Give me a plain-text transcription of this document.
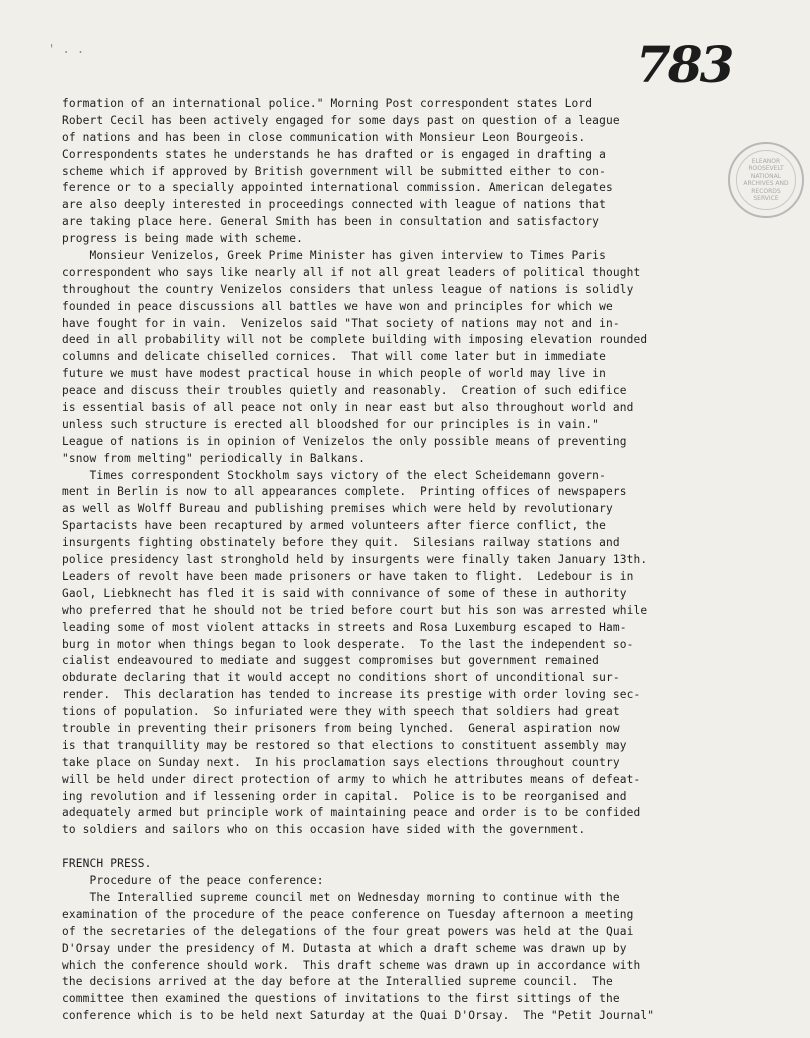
' . .	783
ELEANOR ROOSEVELT
NATIONAL
ARCHIVES AND
RECORDS
SERVICE
formation of an international police." Morning Post correspondent states Lord
Robert Cecil has been actively engaged for some days past on question of a league
of nations and has been in close communication with Monsieur Leon Bourgeois.
Correspondents states he understands he has drafted or is engaged in drafting a
scheme which if approved by British government will be submitted either to con-
ference or to a specially appointed international commission. American delegates
are also deeply interested in proceedings connected with league of nations that
are taking place here. General Smith has been in consultation and satisfactory
progress is being made with scheme.
Monsieur Venizelos, Greek Prime Minister has given interview to Times Paris
correspondent who says like nearly all if not all great leaders of political thought
throughout the country Venizelos considers that unless league of nations is solidly
founded in peace discussions all battles we have won and principles for which we
have fought for in vain.  Venizelos said "That society of nations may not and in-
deed in all probability will not be complete building with imposing elevation rounded
columns and delicate chiselled cornices.  That will come later but in immediate
future we must have modest practical house in which people of world may live in
peace and discuss their troubles quietly and reasonably.  Creation of such edifice
is essential basis of all peace not only in near east but also throughout world and
unless such structure is erected all bloodshed for our principles is in vain."
League of nations is in opinion of Venizelos the only possible means of preventing
"snow from melting" periodically in Balkans.
Times correspondent Stockholm says victory of the elect Scheidemann govern-
ment in Berlin is now to all appearances complete.  Printing offices of newspapers
as well as Wolff Bureau and publishing premises which were held by revolutionary
Spartacists have been recaptured by armed volunteers after fierce conflict, the
insurgents fighting obstinately before they quit.  Silesians railway stations and
police presidency last stronghold held by insurgents were finally taken January 13th.
Leaders of revolt have been made prisoners or have taken to flight.  Ledebour is in
Gaol, Liebknecht has fled it is said with connivance of some of these in authority
who preferred that he should not be tried before court but his son was arrested while
leading some of most violent attacks in streets and Rosa Luxemburg escaped to Ham-
burg in motor when things began to look desperate.  To the last the independent so-
cialist endeavoured to mediate and suggest compromises but government remained
obdurate declaring that it would accept no conditions short of unconditional sur-
render.  This declaration has tended to increase its prestige with order loving sec-
tions of population.  So infuriated were they with speech that soldiers had great
trouble in preventing their prisoners from being lynched.  General aspiration now
is that tranquillity may be restored so that elections to constituent assembly may
take place on Sunday next.  In his proclamation says elections throughout country
will be held under direct protection of army to which he attributes means of defeat-
ing revolution and if lessening order in capital.  Police is to be reorganised and
adequately armed but principle work of maintaining peace and order is to be confided
to soldiers and sailors who on this occasion have sided with the government.
FRENCH PRESS.
Procedure of the peace conference:
The Interallied supreme council met on Wednesday morning to continue with the
examination of the procedure of the peace conference on Tuesday afternoon a meeting
of the secretaries of the delegations of the four great powers was held at the Quai
D'Orsay under the presidency of M. Dutasta at which a draft scheme was drawn up by
which the conference should work.  This draft scheme was drawn up in accordance with
the decisions arrived at the day before at the Interallied supreme council.  The
committee then examined the questions of invitations to the first sittings of the
conference which is to be held next Saturday at the Quai D'Orsay.  The "Petit Journal"
